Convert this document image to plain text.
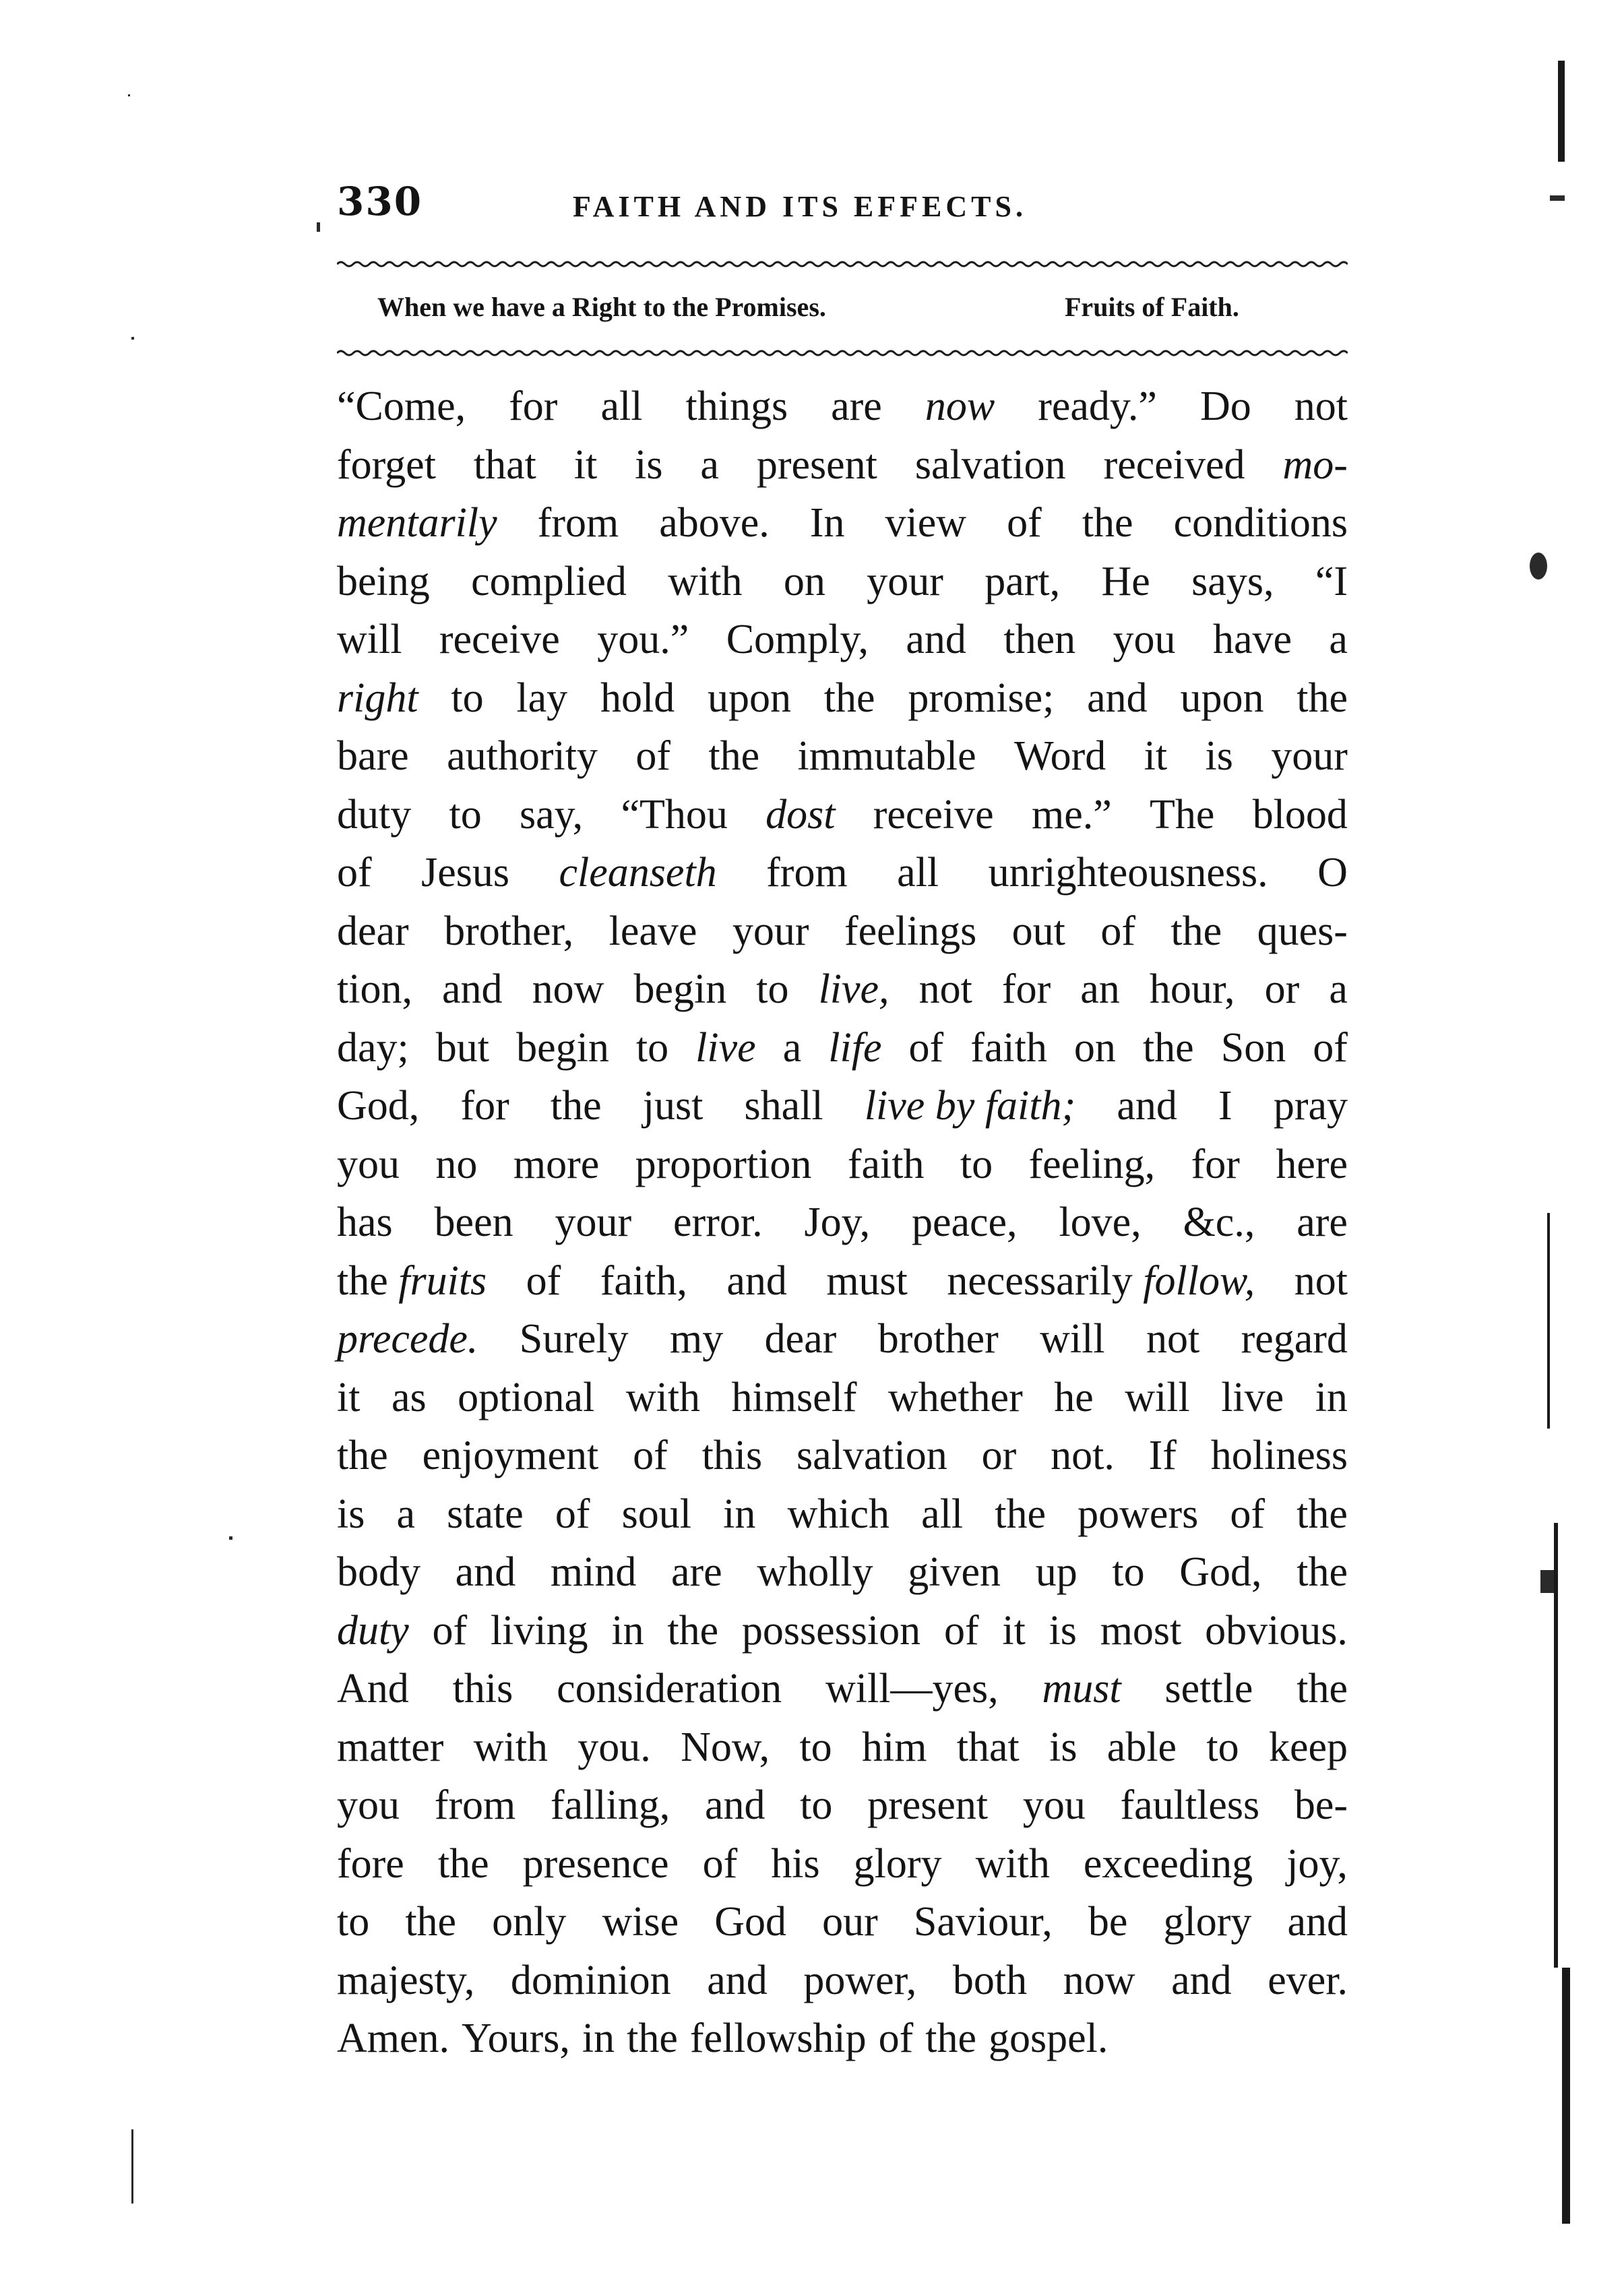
330	FAITH AND ITS EFFECTS.
When we have a Right to the Promises.	Fruits of Faith.
“Come, for all things are now ready.” Do not
forget that it is a present salvation received mo-
mentarily from above. In view of the conditions
being complied with on your part, He says, “I
will receive you.” Comply, and then you have a
right to lay hold upon the promise; and upon the
bare authority of the immutable Word it is your
duty to say, “Thou dost receive me.” The blood
of Jesus cleanseth from all unrighteousness. O
dear brother, leave your feelings out of the ques-
tion, and now begin to live, not for an hour, or a
day; but begin to live a life of faith on the Son of
God, for the just shall live by faith; and I pray
you no more proportion faith to feeling, for here
has been your error. Joy, peace, love, &c., are
the fruits of faith, and must necessarily follow, not
precede. Surely my dear brother will not regard
it as optional with himself whether he will live in
the enjoyment of this salvation or not. If holiness
is a state of soul in which all the powers of the
body and mind are wholly given up to God, the
duty of living in the possession of it is most obvious.
And this consideration will—yes, must settle the
matter with you. Now, to him that is able to keep
you from falling, and to present you faultless be-
fore the presence of his glory with exceeding joy,
to the only wise God our Saviour, be glory and
majesty, dominion and power, both now and ever.
Amen. Yours, in the fellowship of the gospel.
